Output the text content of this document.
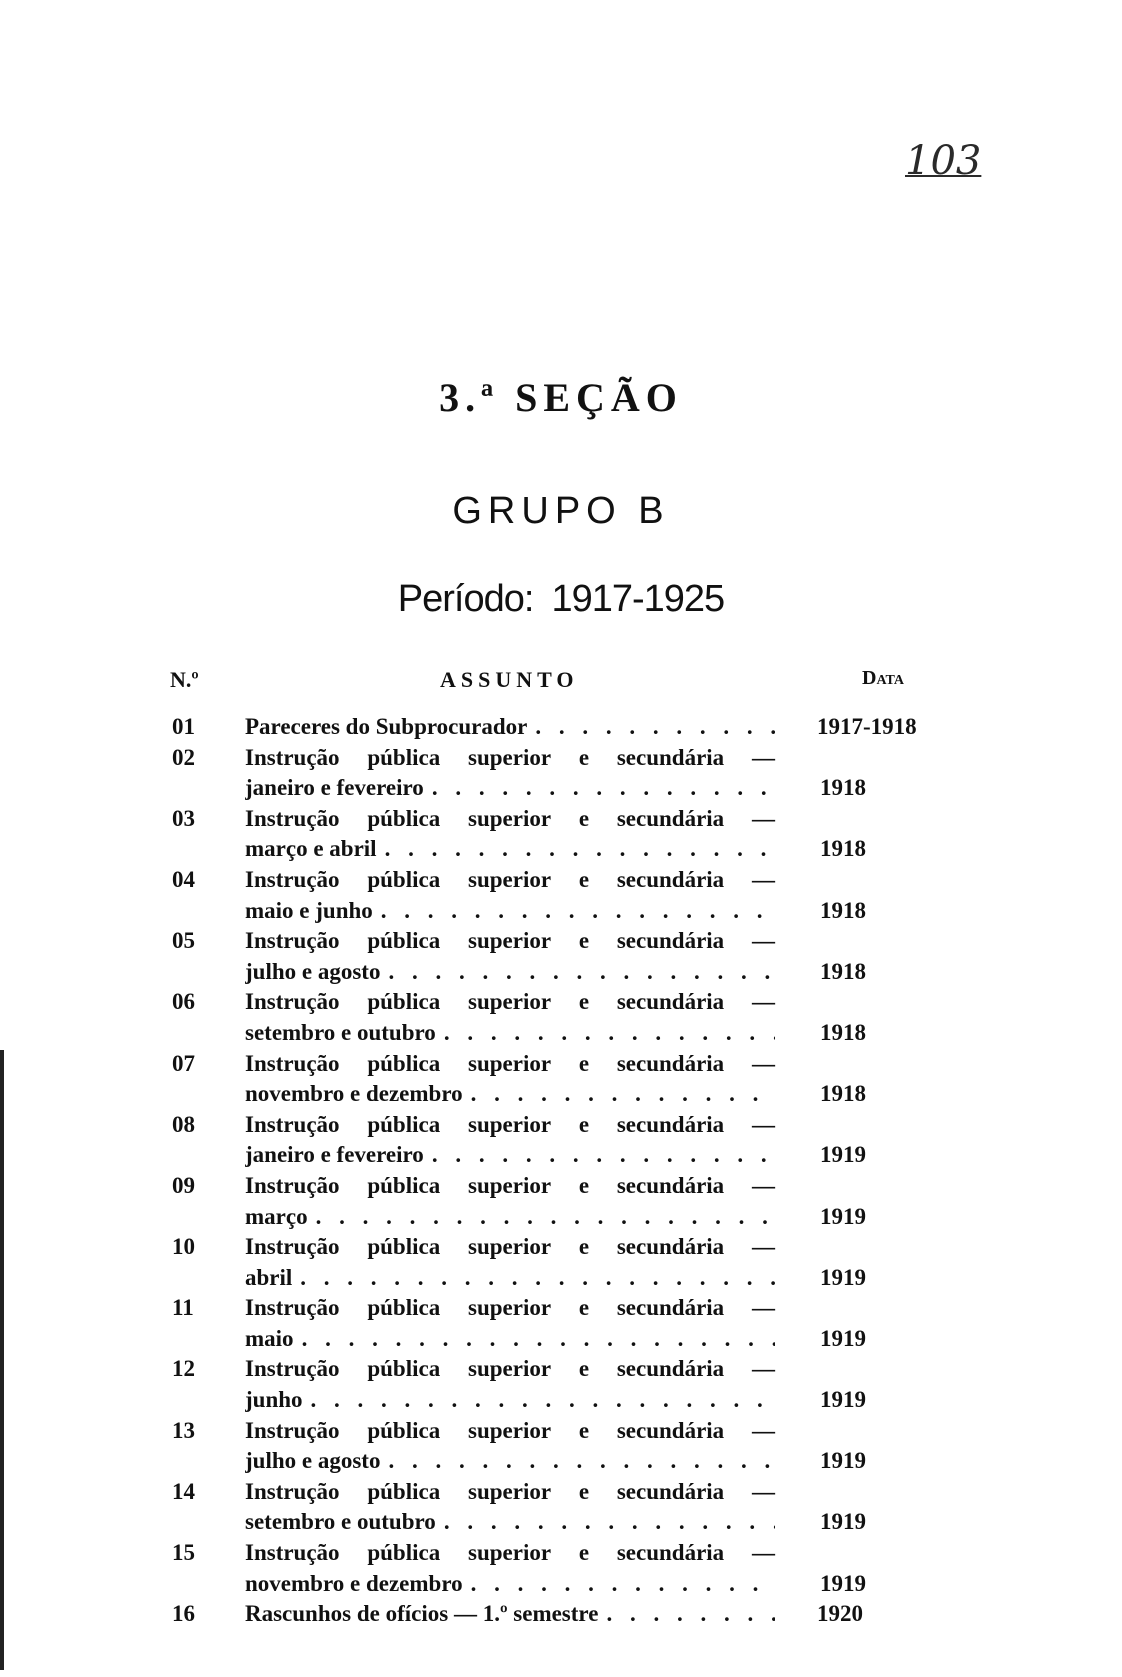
103
3.ª SEÇÃO
GRUPO B
Período: 1917-1925
N.º	ASSUNTO	Data
01 Pareceres do Subprocurador . . .	1917-1918
02 Instrução pública superior e secundária —
janeiro e fevereiro . . .	1918
03 Instrução pública superior e secundária —
março e abril . . .	1918
04 Instrução pública superior e secundária —
maio e junho . . .	1918
05 Instrução pública superior e secundária —
julho e agosto . . .	1918
06 Instrução pública superior e secundária —
setembro e outubro . . .	1918
07 Instrução pública superior e secundária —
novembro e dezembro . . .	1918
08 Instrução pública superior e secundária —
janeiro e fevereiro . . .	1919
09 Instrução pública superior e secundária —
março . . .	1919
10 Instrução pública superior e secundária —
abril . . .	1919
11 Instrução pública superior e secundária —
maio . . .	1919
12 Instrução pública superior e secundária —
junho . . .	1919
13 Instrução pública superior e secundária —
julho e agosto . . .	1919
14 Instrução pública superior e secundária —
setembro e outubro . . .	1919
15 Instrução pública superior e secundária —
novembro e dezembro . . .	1919
16 Rascunhos de ofícios — 1.º semestre . . .	1920
